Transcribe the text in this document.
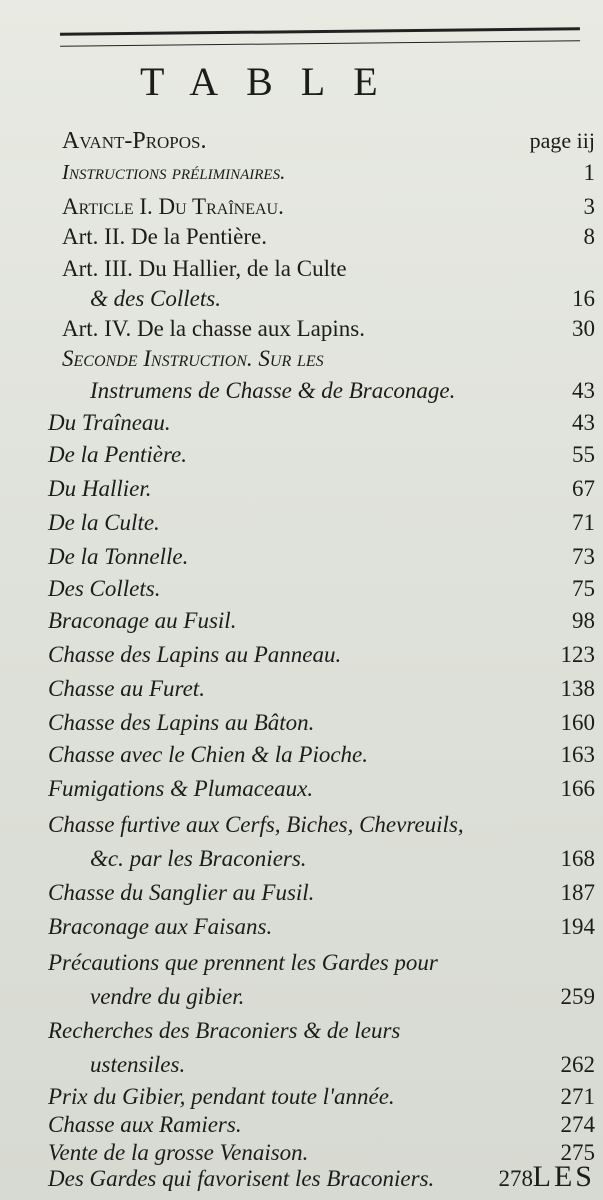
TABLE
Avant-Propos.	page iij
Instructions préliminaires.	1
Article I. Du Traîneau.	3
Art. II. De la Pentière.	8
Art. III. Du Hallier, de la Culte
& des Collets.	16
Art. IV. De la chasse aux Lapins.	30
Seconde Instruction. Sur les
Instrumens de Chasse & de Braconage.	43
Du Traîneau.	43
De la Pentière.	55
Du Hallier.	67
De la Culte.	71
De la Tonnelle.	73
Des Collets.	75
Braconage au Fusil.	98
Chasse des Lapins au Panneau.	123
Chasse au Furet.	138
Chasse des Lapins au Bâton.	160
Chasse avec le Chien & la Pioche.	163
Fumigations & Plumaceaux.	166
Chasse furtive aux Cerfs, Biches, Chevreuils,
&c. par les Braconiers.	168
Chasse du Sanglier au Fusil.	187
Braconage aux Faisans.	194
Précautions que prennent les Gardes pour
vendre du gibier.	259
Recherches des Braconiers & de leurs
ustensiles.	262
Prix du Gibier, pendant toute l'année.	271
Chasse aux Ramiers.	274
Vente de la grosse Venaison.	275
Des Gardes qui favorisent les Braconiers.	278 LES
